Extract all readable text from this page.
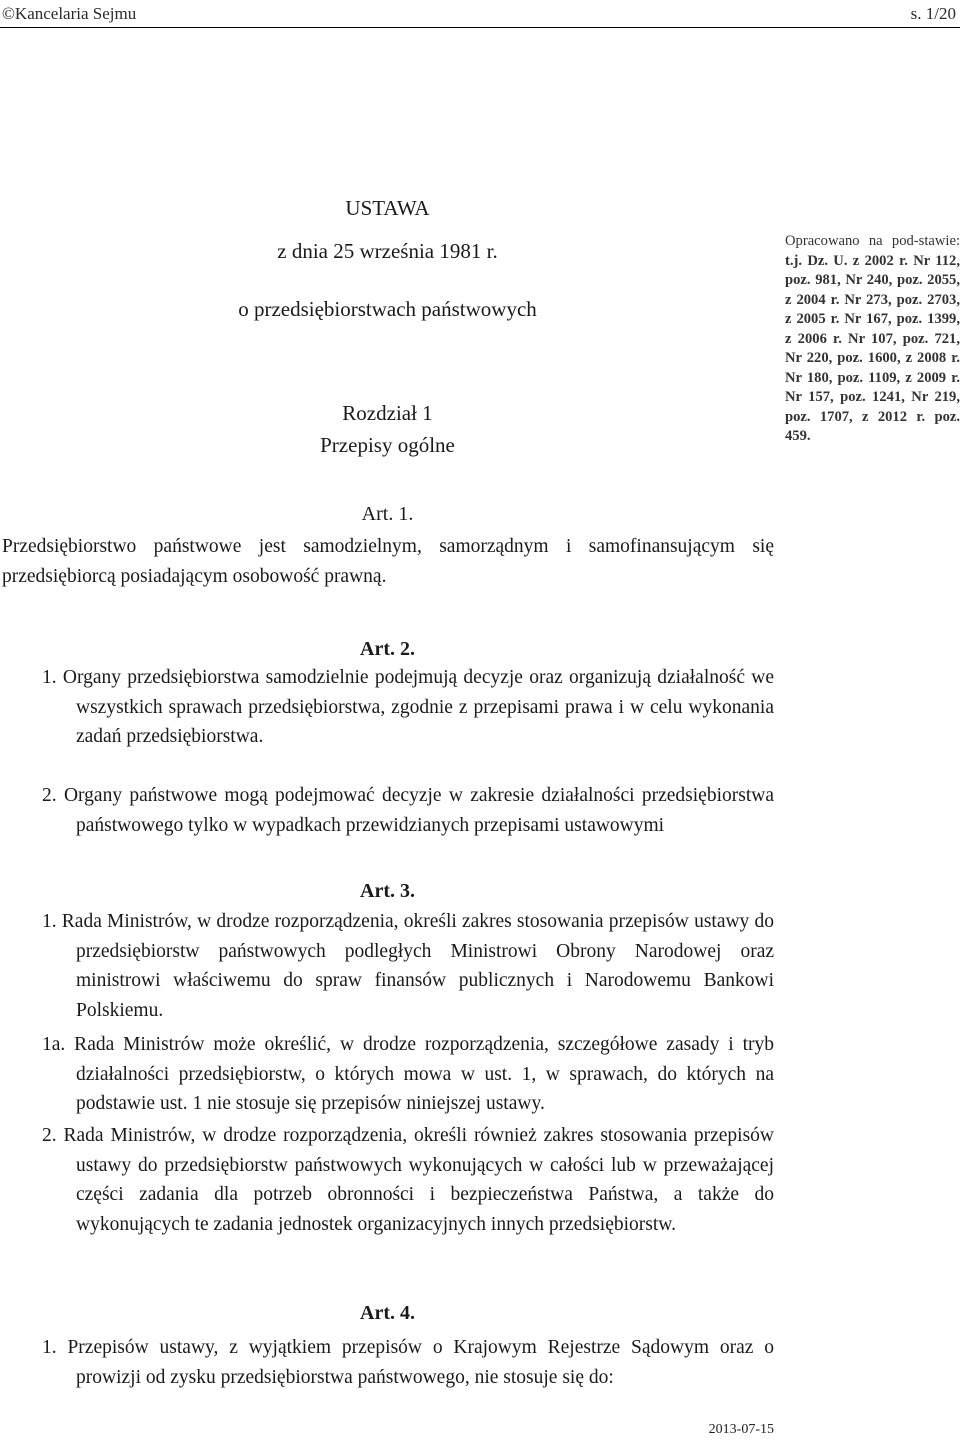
©Kancelaria Sejmu	s. 1/20
USTAWA
z dnia 25 września 1981 r.
o przedsiębiorstwach państwowych
Rozdział 1
Przepisy ogólne
Opracowano na pod-stawie: t.j. Dz. U. z 2002 r. Nr 112, poz. 981, Nr 240, poz. 2055, z 2004 r. Nr 273, poz. 2703, z 2005 r. Nr 167, poz. 1399, z 2006 r. Nr 107, poz. 721, Nr 220, poz. 1600, z 2008 r. Nr 180, poz. 1109, z 2009 r. Nr 157, poz. 1241, Nr 219, poz. 1707, z 2012 r. poz. 459.
Art. 1.
Przedsiębiorstwo państwowe jest samodzielnym, samorządnym i samofinansującym się przedsiębiorcą posiadającym osobowość prawną.
Art. 2.
1. Organy przedsiębiorstwa samodzielnie podejmują decyzje oraz organizują działalność we wszystkich sprawach przedsiębiorstwa, zgodnie z przepisami prawa i w celu wykonania zadań przedsiębiorstwa.
2. Organy państwowe mogą podejmować decyzje w zakresie działalności przedsiębiorstwa państwowego tylko w wypadkach przewidzianych przepisami ustawowymi
Art. 3.
1. Rada Ministrów, w drodze rozporządzenia, określi zakres stosowania przepisów ustawy do przedsiębiorstw państwowych podległych Ministrowi Obrony Narodowej oraz ministrowi właściwemu do spraw finansów publicznych i Narodowemu Bankowi Polskiemu.
1a. Rada Ministrów może określić, w drodze rozporządzenia, szczegółowe zasady i tryb działalności przedsiębiorstw, o których mowa w ust. 1, w sprawach, do których na podstawie ust. 1 nie stosuje się przepisów niniejszej ustawy.
2. Rada Ministrów, w drodze rozporządzenia, określi również zakres stosowania przepisów ustawy do przedsiębiorstw państwowych wykonujących w całości lub w przeważającej części zadania dla potrzeb obronności i bezpieczeństwa Państwa, a także do wykonujących te zadania jednostek organizacyjnych innych przedsiębiorstw.
Art. 4.
1. Przepisów ustawy, z wyjątkiem przepisów o Krajowym Rejestrze Sądowym oraz o prowizji od zysku przedsiębiorstwa państwowego, nie stosuje się do:
2013-07-15
